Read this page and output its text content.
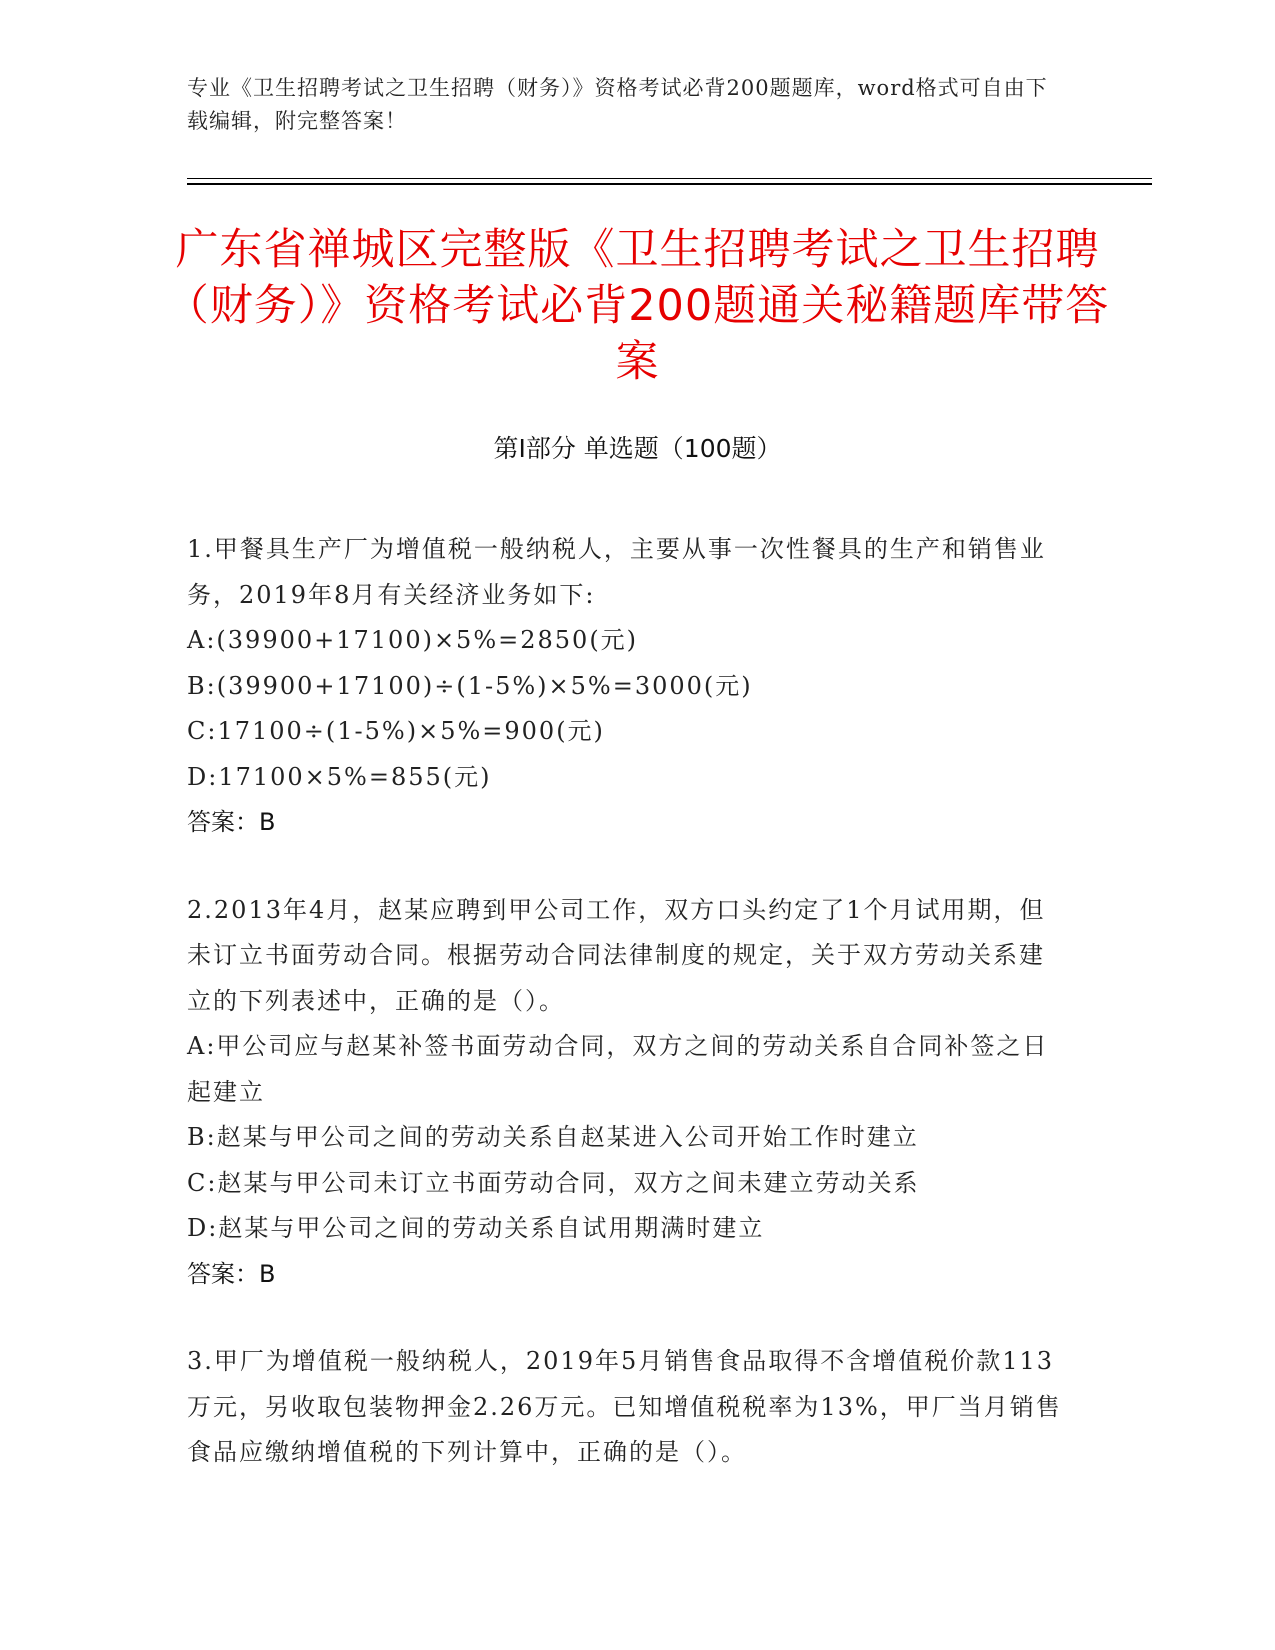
专业《卫生招聘考试之卫生招聘（财务）》资格考试必背200题题库，word格式可自由下载编辑，附完整答案！
广东省禅城区完整版《卫生招聘考试之卫生招聘（财务）》资格考试必背200题通关秘籍题库带答案
第I部分 单选题（100题）
1.甲餐具生产厂为增值税一般纳税人，主要从事一次性餐具的生产和销售业务，2019年8月有关经济业务如下:
A:(39900+17100)×5%=2850(元)
B:(39900+17100)÷(1-5%)×5%=3000(元)
C:17100÷(1-5%)×5%=900(元)
D:17100×5%=855(元)
答案：B
2.2013年4月，赵某应聘到甲公司工作，双方口头约定了1个月试用期，但未订立书面劳动合同。根据劳动合同法律制度的规定，关于双方劳动关系建立的下列表述中，正确的是（）。
A:甲公司应与赵某补签书面劳动合同，双方之间的劳动关系自合同补签之日起建立
B:赵某与甲公司之间的劳动关系自赵某进入公司开始工作时建立
C:赵某与甲公司未订立书面劳动合同，双方之间未建立劳动关系
D:赵某与甲公司之间的劳动关系自试用期满时建立
答案：B
3.甲厂为增值税一般纳税人，2019年5月销售食品取得不含增值税价款113万元，另收取包装物押金2.26万元。已知增值税税率为13%，甲厂当月销售食品应缴纳增值税的下列计算中，正确的是（）。
